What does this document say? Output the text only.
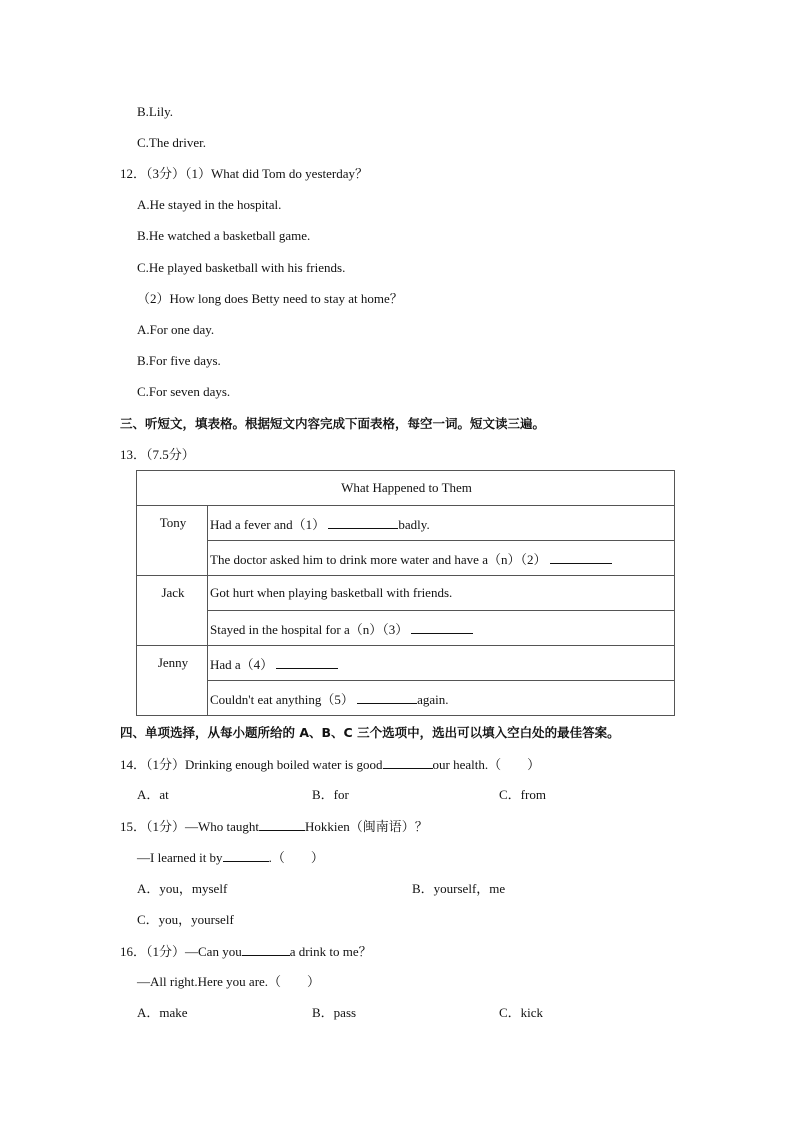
B.Lily.
C.The driver.
12．（3分）（1）What did Tom do yesterday？
A.He stayed in the hospital.
B.He watched a basketball game.
C.He played basketball with his friends.
（2）How long does Betty need to stay at home？
A.For one day.
B.For five days.
C.For seven days.
三、听短文，填表格。根据短文内容完成下面表格，每空一词。短文读三遍。
13．（7.5分）
What Happened to Them	
Tony	Had a fever and（1） badly.
	The doctor asked him to drink more water and have a（n）（2）
Jack	Got hurt when playing basketball with friends.
	Stayed in the hospital for a（n）（3）
Jenny	Had a（4）
	Couldn't eat anything（5） again.
四、单项选择，从每小题所给的 A、B、C 三个选项中，选出可以填入空白处的最佳答案。
14．（1分）Drinking enough boiled water is good	our health.（　　）
A．at	B．for	C．from
15．（1分）—Who taught	Hokkien（闽南语）？
—I learned it by	.（　　）
A．you，myself	B．yourself，me
C．you，yourself
16．（1分）—Can you	a drink to me？
—All right.Here you are.（　　）
A．make	B．pass	C．kick
